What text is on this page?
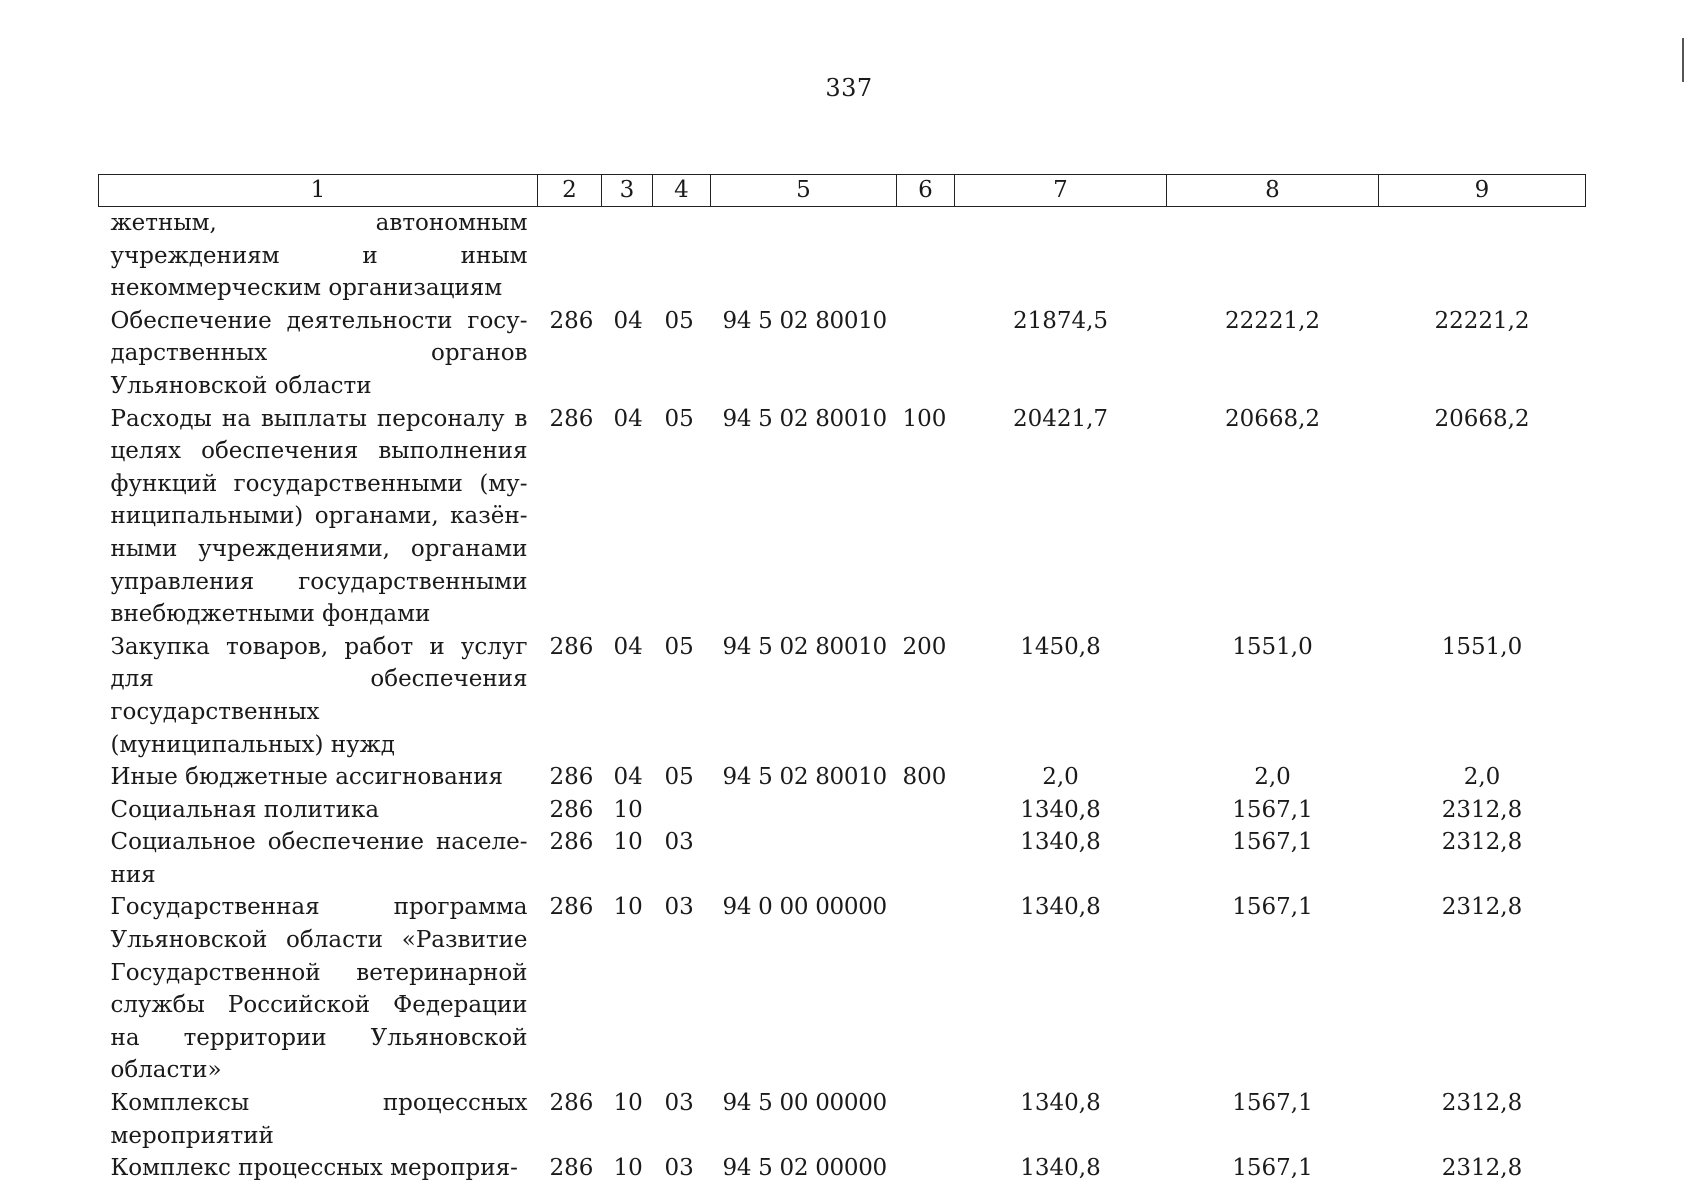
337
1	2	3	4	5	6	7	8	9
жетным, автономным учреждениям и иным некоммерческим организациям								
Обеспечение деятельности государственных органов Ульяновской области	286	04	05	94 5 02 80010		21874,5	22221,2	22221,2
Расходы на выплаты персоналу в целях обеспечения выполнения функций государственными (муниципальными) органами, казёнными учреждениями, органами управления государственными внебюджетными фондами	286	04	05	94 5 02 80010	100	20421,7	20668,2	20668,2
Закупка товаров, работ и услуг для обеспечения государственных (муниципальных) нужд	286	04	05	94 5 02 80010	200	1450,8	1551,0	1551,0
Иные бюджетные ассигнования	286	04	05	94 5 02 80010	800	2,0	2,0	2,0
Социальная политика	286	10				1340,8	1567,1	2312,8
Социальное обеспечение населения	286	10	03			1340,8	1567,1	2312,8
Государственная программа Ульяновской области «Развитие Государственной ветеринарной службы Российской Федерации на территории Ульяновской области»	286	10	03	94 0 00 00000		1340,8	1567,1	2312,8
Комплексы процессных мероприятий	286	10	03	94 5 00 00000		1340,8	1567,1	2312,8
Комплекс процессных мероприя-	286	10	03	94 5 02 00000		1340,8	1567,1	2312,8
